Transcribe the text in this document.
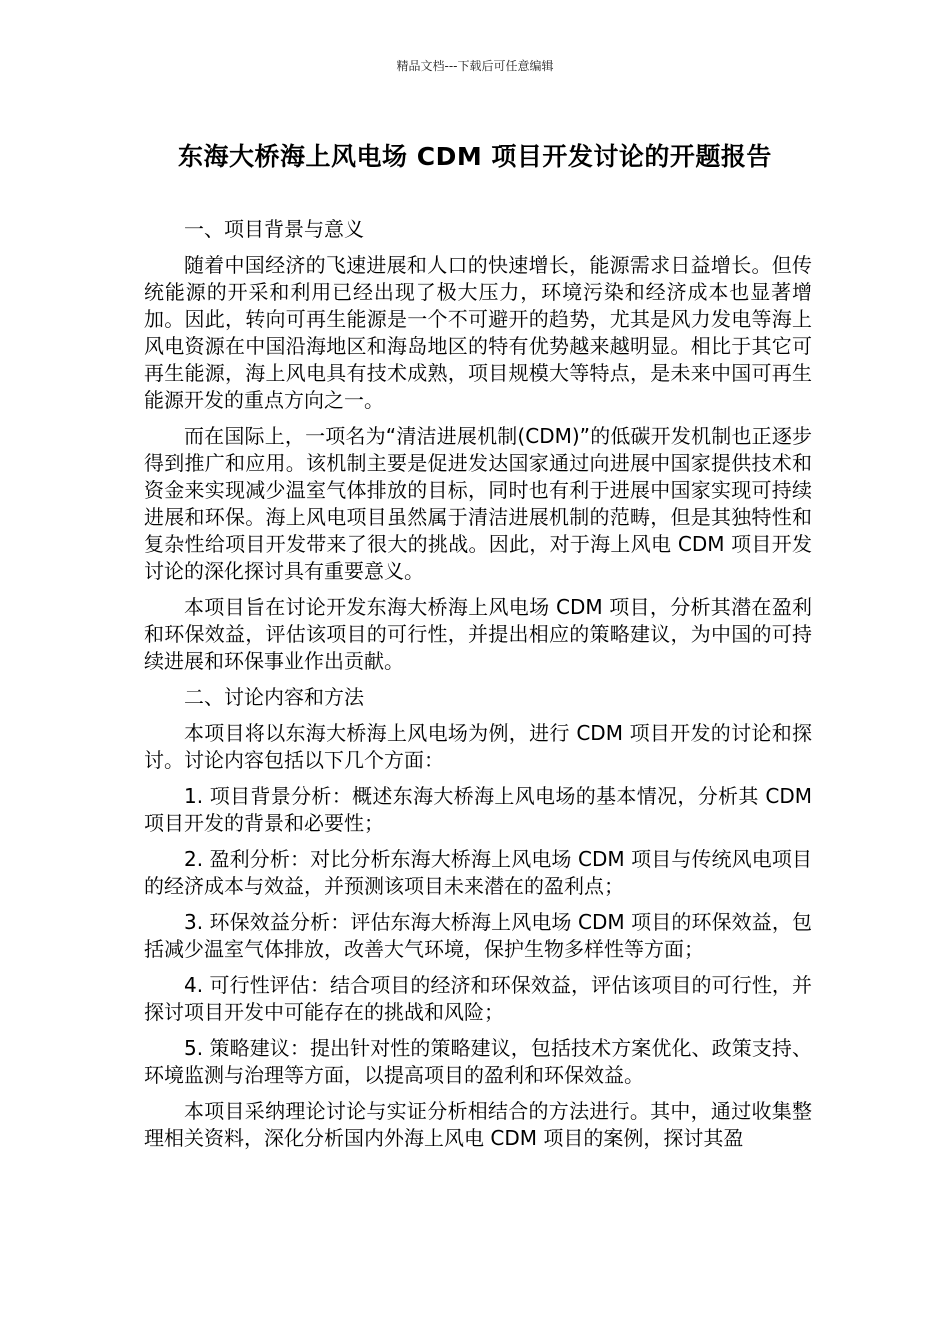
精品文档---下载后可任意编辑
东海大桥海上风电场 CDM 项目开发讨论的开题报告

一、项目背景与意义

随着中国经济的飞速进展和人口的快速增长，能源需求日益增长。但传统能源的开采和利用已经出现了极大压力，环境污染和经济成本也显著增加。因此，转向可再生能源是一个不可避开的趋势，尤其是风力发电等海上风电资源在中国沿海地区和海岛地区的特有优势越来越明显。相比于其它可再生能源，海上风电具有技术成熟，项目规模大等特点，是未来中国可再生能源开发的重点方向之一。

而在国际上，一项名为“清洁进展机制(CDM)”的低碳开发机制也正逐步得到推广和应用。该机制主要是促进发达国家通过向进展中国家提供技术和资金来实现减少温室气体排放的目标，同时也有利于进展中国家实现可持续进展和环保。海上风电项目虽然属于清洁进展机制的范畴，但是其独特性和复杂性给项目开发带来了很大的挑战。因此，对于海上风电 CDM 项目开发讨论的深化探讨具有重要意义。

本项目旨在讨论开发东海大桥海上风电场 CDM 项目，分析其潜在盈利和环保效益，评估该项目的可行性，并提出相应的策略建议，为中国的可持续进展和环保事业作出贡献。

二、讨论内容和方法

本项目将以东海大桥海上风电场为例，进行 CDM 项目开发的讨论和探讨。讨论内容包括以下几个方面：

1. 项目背景分析：概述东海大桥海上风电场的基本情况，分析其 CDM 项目开发的背景和必要性；

2. 盈利分析：对比分析东海大桥海上风电场 CDM 项目与传统风电项目的经济成本与效益，并预测该项目未来潜在的盈利点；

3. 环保效益分析：评估东海大桥海上风电场 CDM 项目的环保效益，包括减少温室气体排放，改善大气环境，保护生物多样性等方面；

4. 可行性评估：结合项目的经济和环保效益，评估该项目的可行性，并探讨项目开发中可能存在的挑战和风险；

5. 策略建议：提出针对性的策略建议，包括技术方案优化、政策支持、环境监测与治理等方面，以提高项目的盈利和环保效益。

本项目采纳理论讨论与实证分析相结合的方法进行。其中，通过收集整理相关资料，深化分析国内外海上风电 CDM 项目的案例，探讨其盈
